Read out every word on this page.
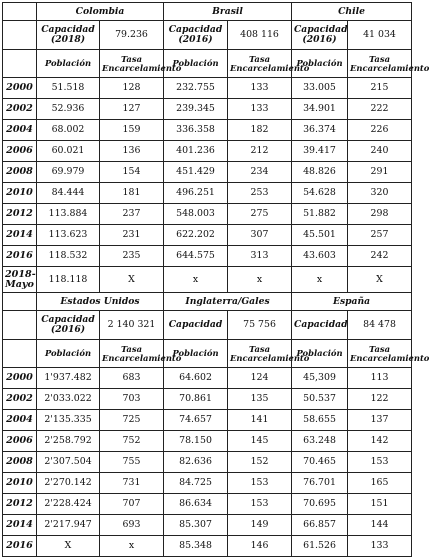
	Colombia		Brasil		Chile	
	Capacidad (2018)	79.236	Capacidad (2016)	408 116	Capacidad (2016)	41 034
	Población	Tasa Encarcelamiento	Población	Tasa Encarcelamiento	Población	Tasa Encarcelamiento
2000	51.518	128	232.755	133	33.005	215
2002	52.936	127	239.345	133	34.901	222
2004	68.002	159	336.358	182	36.374	226
2006	60.021	136	401.236	212	39.417	240
2008	69.979	154	451.429	234	48.826	291
2010	84.444	181	496.251	253	54.628	320
2012	113.884	237	548.003	275	51.882	298
2014	113.623	231	622.202	307	45.501	257
2016	118.532	235	644.575	313	43.603	242
2018-Mayo	118.118	X	x	x	x	X
	Estados Unidos		Inglaterra/Gales		España	
	Capacidad (2016)	2 140 321	Capacidad	75 756	Capacidad	84 478
	Población	Tasa Encarcelamiento	Población	Tasa Encarcelamiento	Población	Tasa Encarcelamiento
2000	1'937.482	683	64.602	124	45,309	113
2002	2'033.022	703	70.861	135	50.537	122
2004	2'135.335	725	74.657	141	58.655	137
2006	2'258.792	752	78.150	145	63.248	142
2008	2'307.504	755	82.636	152	70.465	153
2010	2'270.142	731	84.725	153	76.701	165
2012	2'228.424	707	86.634	153	70.695	151
2014	2'217.947	693	85.307	149	66.857	144
2016	X	x	85.348	146	61.526	133
